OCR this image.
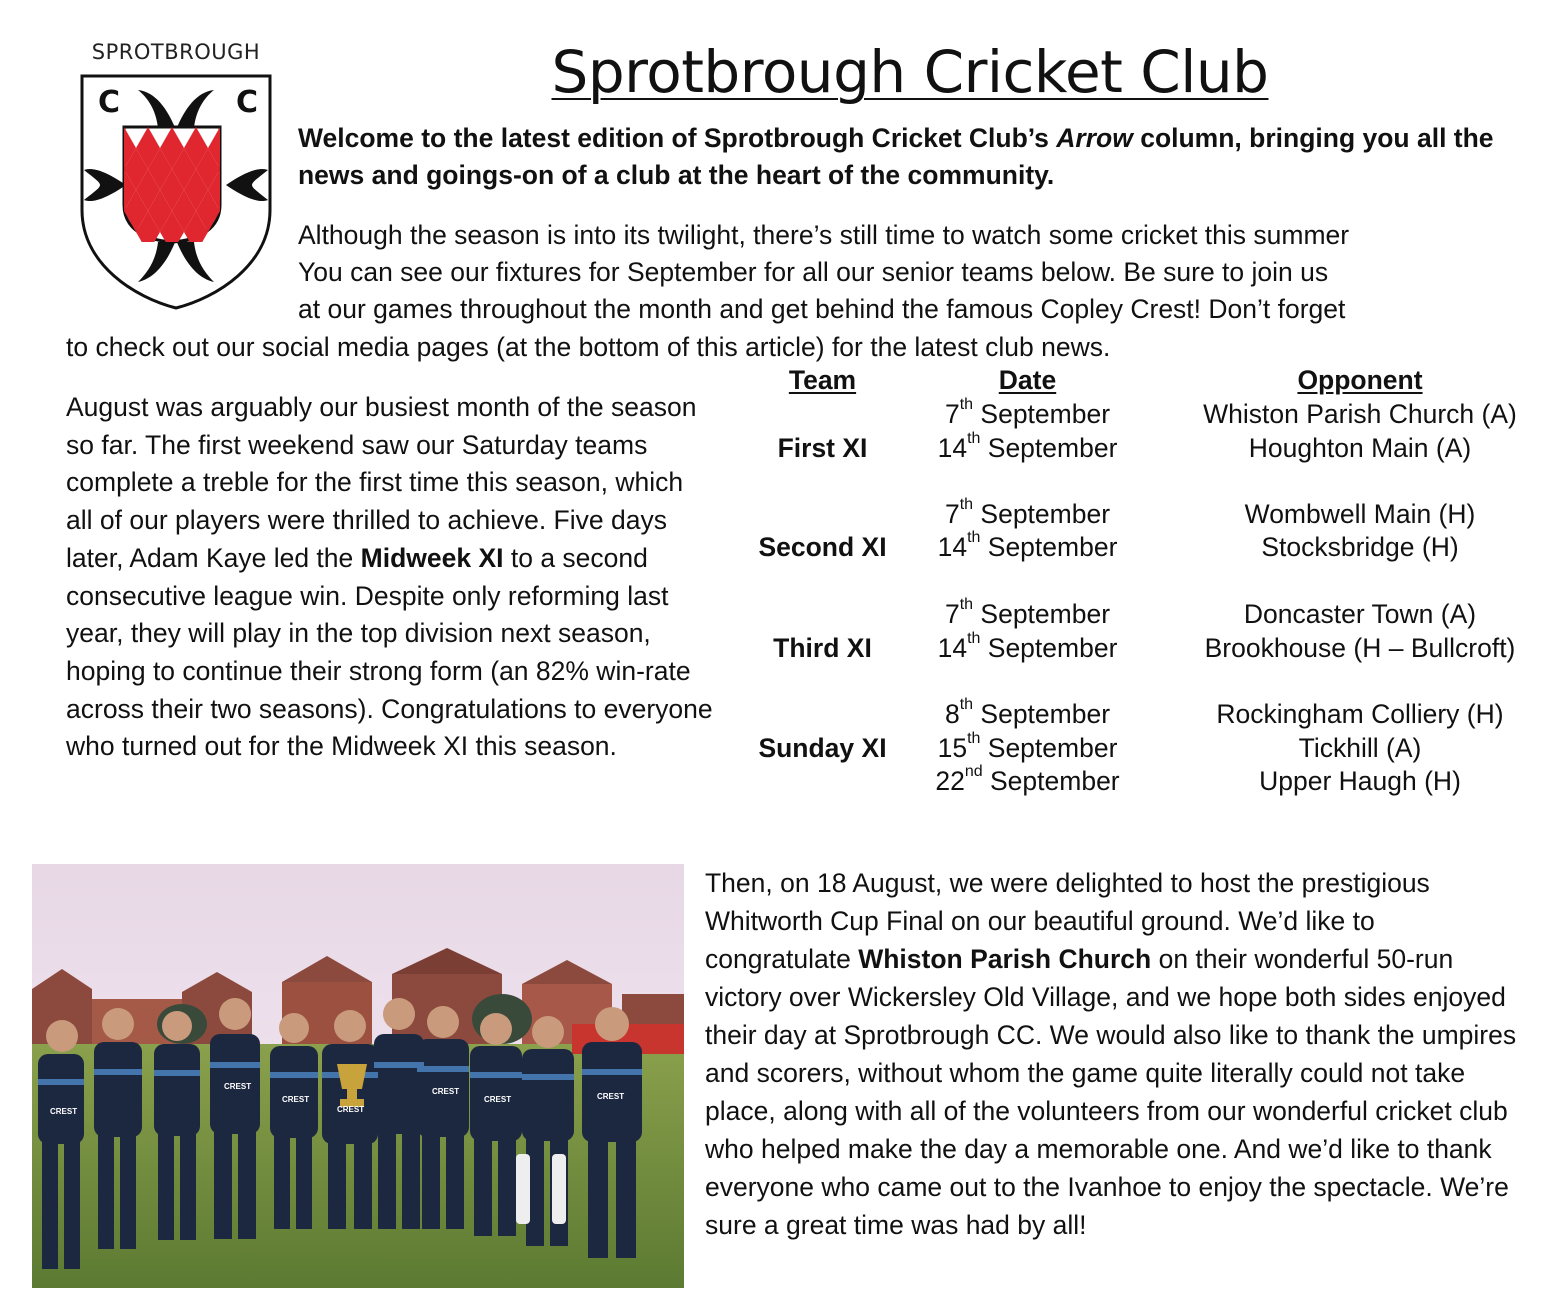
SPROTBROUGH
C	C	Sprotbrough Cricket Club
Welcome to the latest edition of Sprotbrough Cricket Club’s Arrow column, bringing you all the news and goings-on of a club at the heart of the community.
Although the season is into its twilight, there’s still time to watch some cricket this summer
You can see our fixtures for September for all our senior teams below. Be sure to join us
at our games throughout the month and get behind the famous Copley Crest! Don’t forget
to check out our social media pages (at the bottom of this article) for the latest club news.
August was arguably our busiest month of the season so far. The first weekend saw our Saturday teams complete a treble for the first time this season, which all of our players were thrilled to achieve. Five days later, Adam Kaye led the Midweek XI to a second consecutive league win. Despite only reforming last year, they will play in the top division next season, hoping to continue their strong form (an 82% win-rate across their two seasons). Congratulations to everyone who turned out for the Midweek XI this season.
Team	Date	Opponent
First XI
7th September	Whiston Parish Church (A)
14th September	Houghton Main (A)
Second XI
7th September	Wombwell Main (H)
14th September	Stocksbridge (H)
Third XI
7th September	Doncaster Town (A)
14th September	Brookhouse (H – Bullcroft)
Sunday XI
8th September	Rockingham Colliery (H)
15th September	Tickhill (A)
22nd September	Upper Haugh (H)
CREST
CREST
CREST
CREST
CREST
CREST	CREST
Then, on 18 August, we were delighted to host the prestigious Whitworth Cup Final on our beautiful ground. We’d like to congratulate Whiston Parish Church on their wonderful 50-run victory over Wickersley Old Village, and we hope both sides enjoyed their day at Sprotbrough CC. We would also like to thank the umpires and scorers, without whom the game quite literally could not take place, along with all of the volunteers from our wonderful cricket club who helped make the day a memorable one. And we’d like to thank everyone who came out to the Ivanhoe to enjoy the spectacle. We’re sure a great time was had by all!
